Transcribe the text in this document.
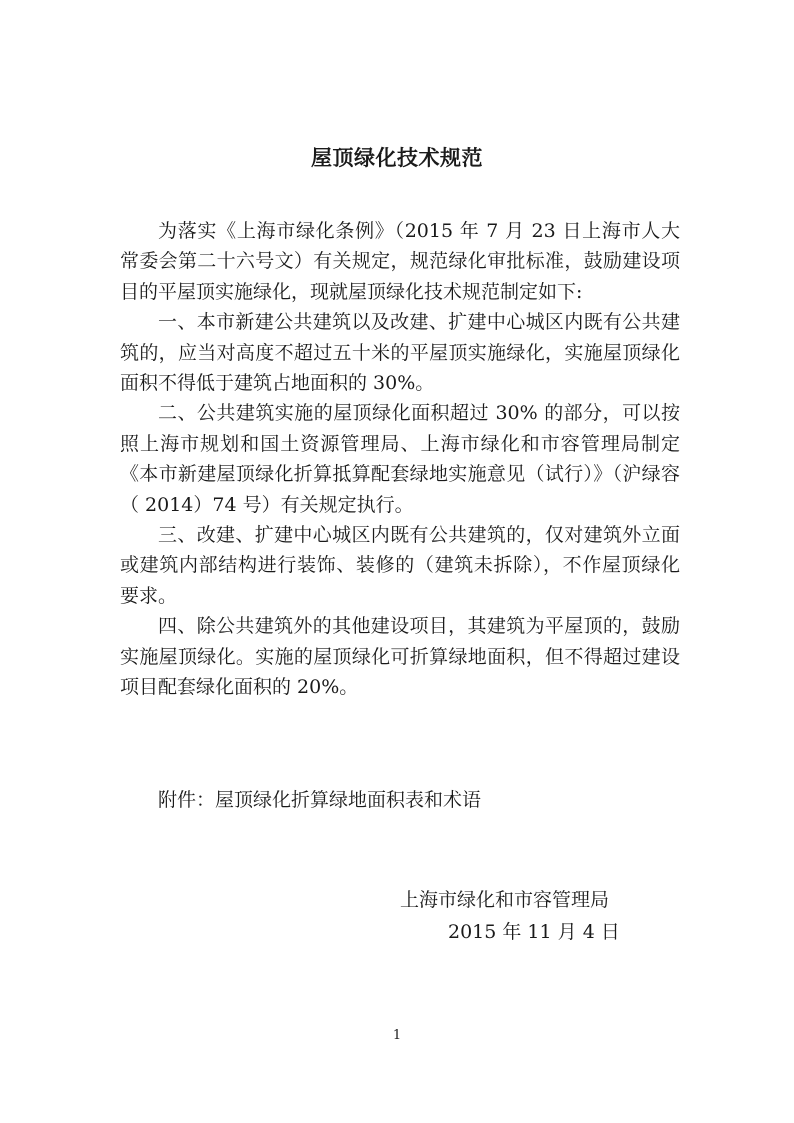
屋顶绿化技术规范

为落实《上海市绿化条例》（2015 年 7 月 23 日上海市人大常委会第二十六号文）有关规定，规范绿化审批标准，鼓励建设项目的平屋顶实施绿化，现就屋顶绿化技术规范制定如下:

一、本市新建公共建筑以及改建、扩建中心城区内既有公共建筑的，应当对高度不超过五十米的平屋顶实施绿化，实施屋顶绿化面积不得低于建筑占地面积的 30%。

二、公共建筑实施的屋顶绿化面积超过 30% 的部分，可以按照上海市规划和国土资源管理局、上海市绿化和市容管理局制定《本市新建屋顶绿化折算抵算配套绿地实施意见（试行）》（沪绿容（ 2014）74 号）有关规定执行。

三、改建、扩建中心城区内既有公共建筑的，仅对建筑外立面或建筑内部结构进行装饰、装修的（建筑未拆除），不作屋顶绿化要求。

四、除公共建筑外的其他建设项目，其建筑为平屋顶的，鼓励实施屋顶绿化。实施的屋顶绿化可折算绿地面积，但不得超过建设项目配套绿化面积的 20%。

附件：屋顶绿化折算绿地面积表和术语
上海市绿化和市容管理局
2015 年 11 月 4 日
1
